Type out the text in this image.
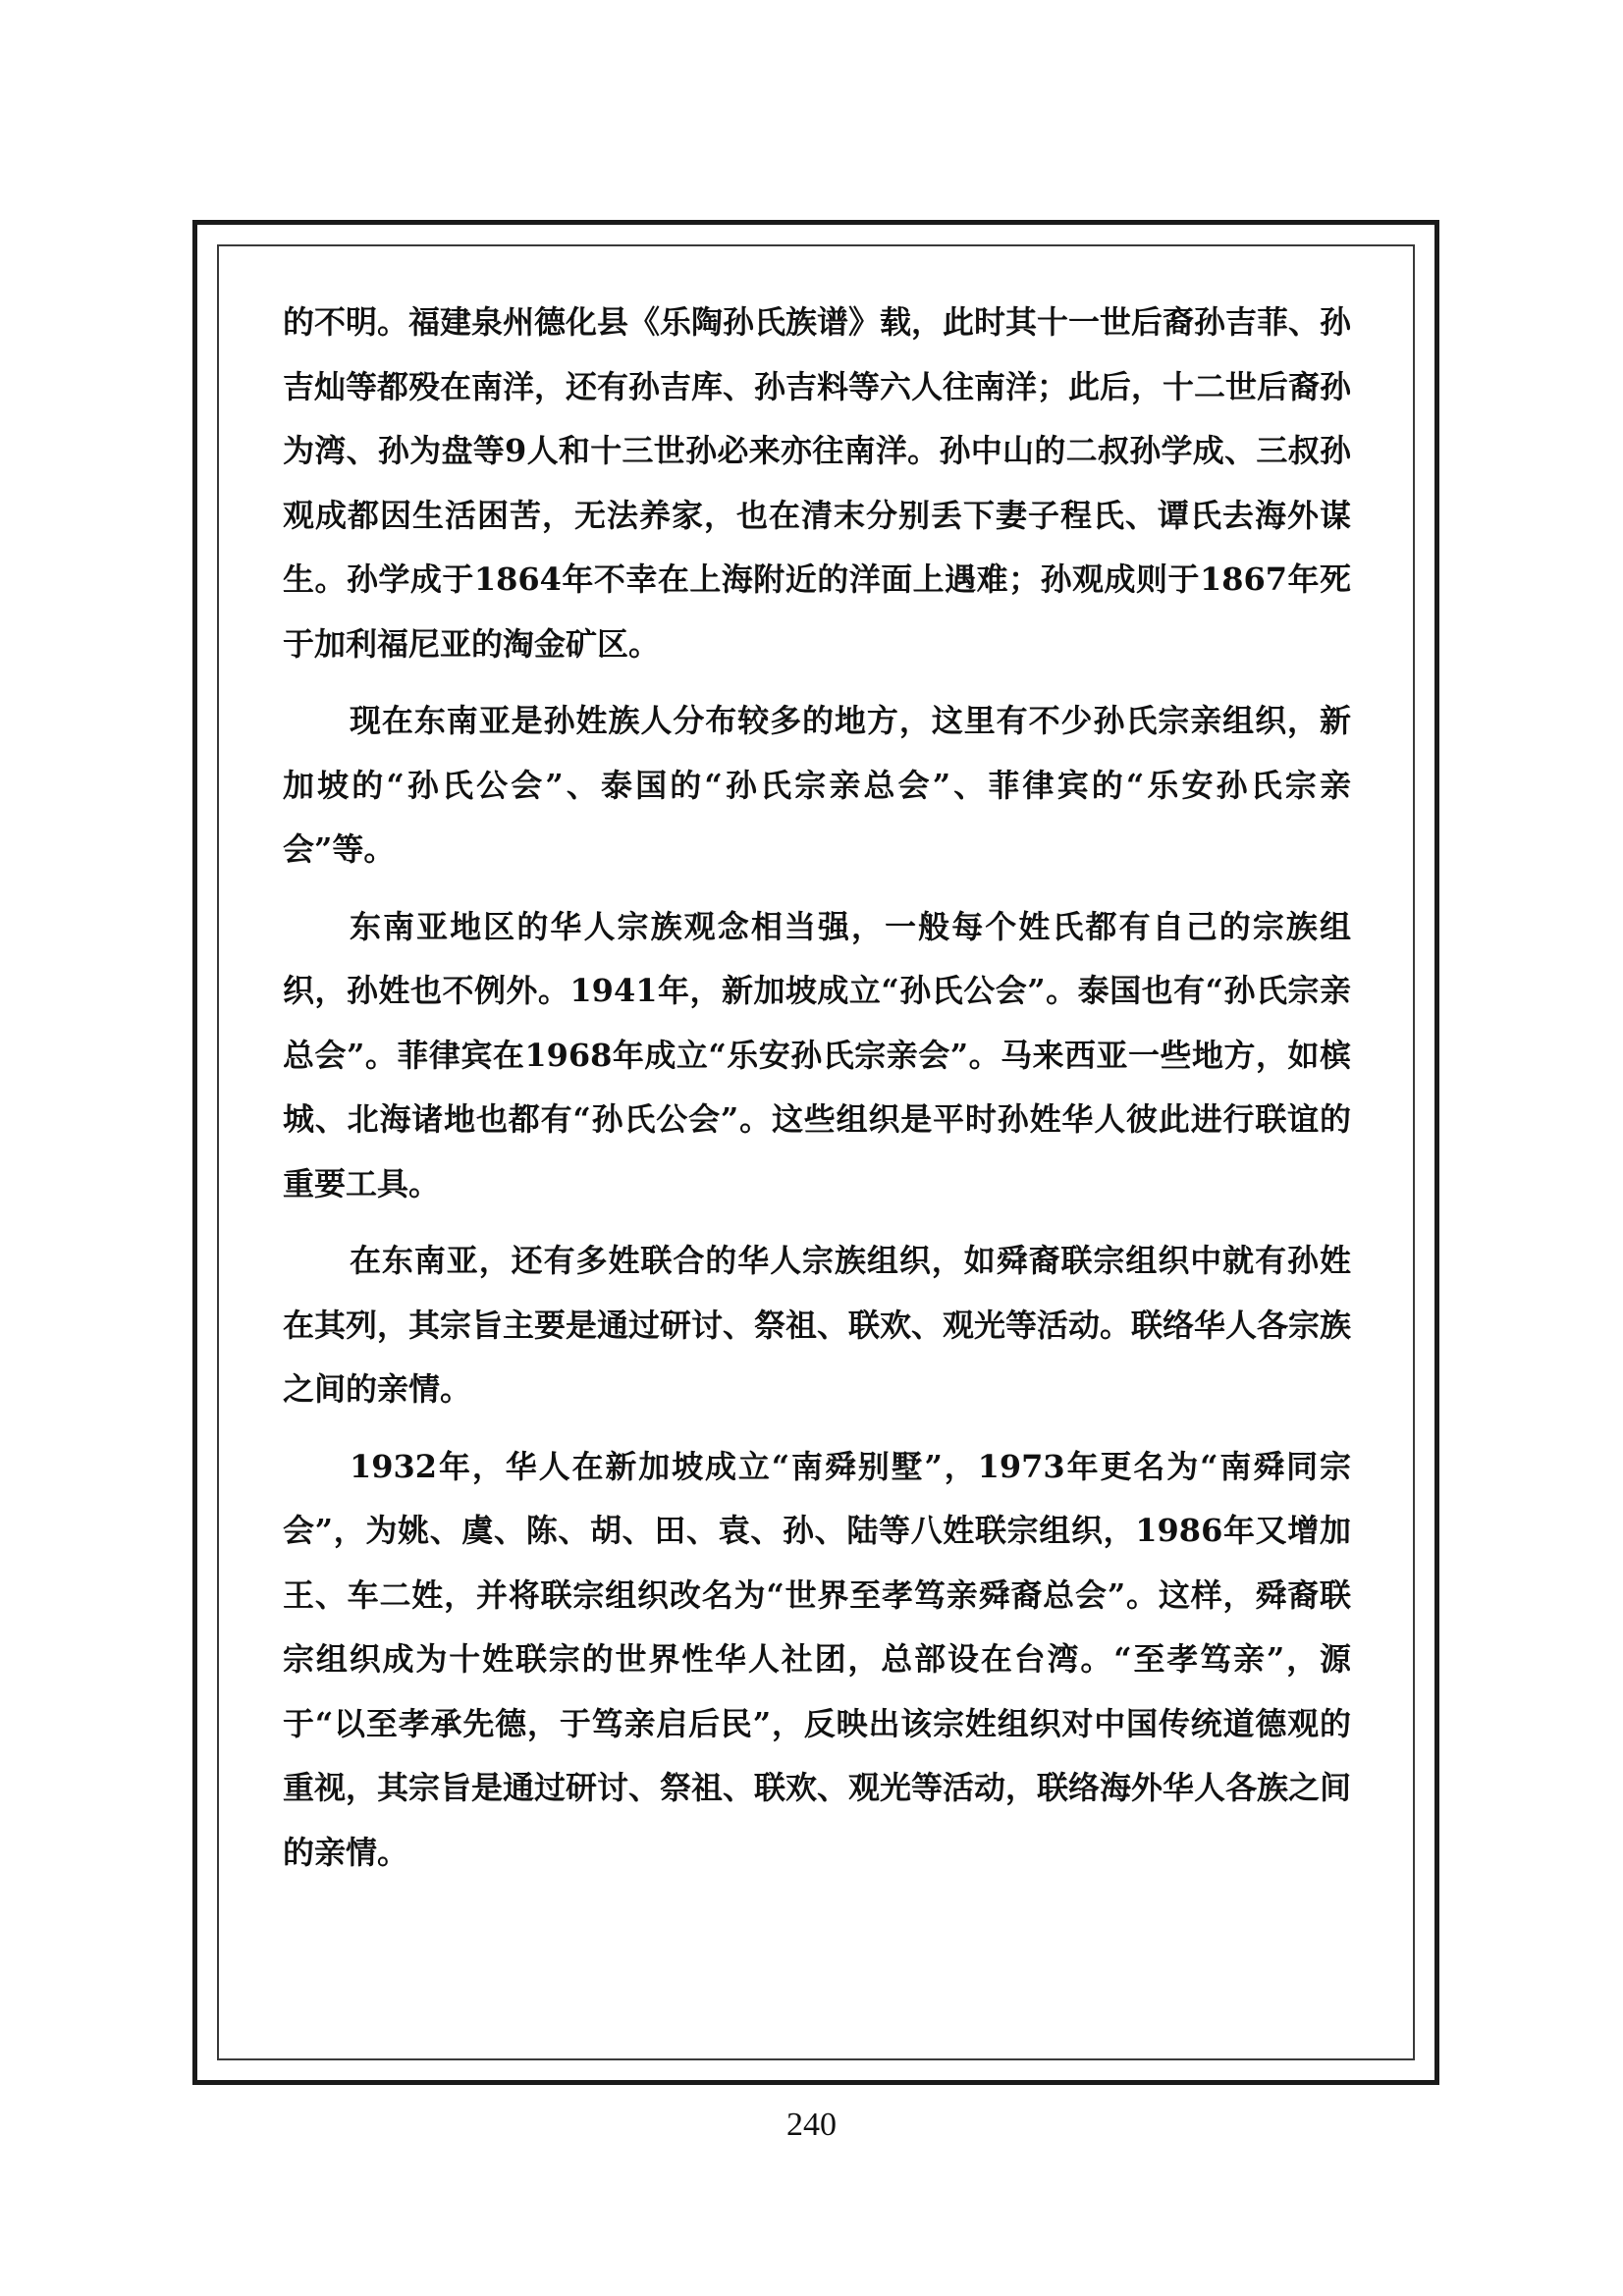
的不明。福建泉州德化县《乐陶孙氏族谱》载，此时其十一世后裔孙吉菲、孙吉灿等都殁在南洋，还有孙吉库、孙吉料等六人往南洋；此后，十二世后裔孙为湾、孙为盘等9人和十三世孙必来亦往南洋。孙中山的二叔孙学成、三叔孙观成都因生活困苦，无法养家，也在清末分别丢下妻子程氏、谭氏去海外谋生。孙学成于1864年不幸在上海附近的洋面上遇难；孙观成则于1867年死于加利福尼亚的淘金矿区。

现在东南亚是孙姓族人分布较多的地方，这里有不少孙氏宗亲组织，新加坡的“孙氏公会”、泰国的“孙氏宗亲总会”、菲律宾的“乐安孙氏宗亲会”等。

东南亚地区的华人宗族观念相当强，一般每个姓氏都有自己的宗族组织，孙姓也不例外。1941年，新加坡成立“孙氏公会”。泰国也有“孙氏宗亲总会”。菲律宾在1968年成立“乐安孙氏宗亲会”。马来西亚一些地方，如槟城、北海诸地也都有“孙氏公会”。这些组织是平时孙姓华人彼此进行联谊的重要工具。

在东南亚，还有多姓联合的华人宗族组织，如舜裔联宗组织中就有孙姓在其列，其宗旨主要是通过研讨、祭祖、联欢、观光等活动。联络华人各宗族之间的亲情。

1932年，华人在新加坡成立“南舜别墅”，1973年更名为“南舜同宗会”，为姚、虞、陈、胡、田、袁、孙、陆等八姓联宗组织，1986年又增加王、车二姓，并将联宗组织改名为“世界至孝笃亲舜裔总会”。这样，舜裔联宗组织成为十姓联宗的世界性华人社团，总部设在台湾。“至孝笃亲”，源于“以至孝承先德，于笃亲启后民”，反映出该宗姓组织对中国传统道德观的重视，其宗旨是通过研讨、祭祖、联欢、观光等活动，联络海外华人各族之间的亲情。

240
